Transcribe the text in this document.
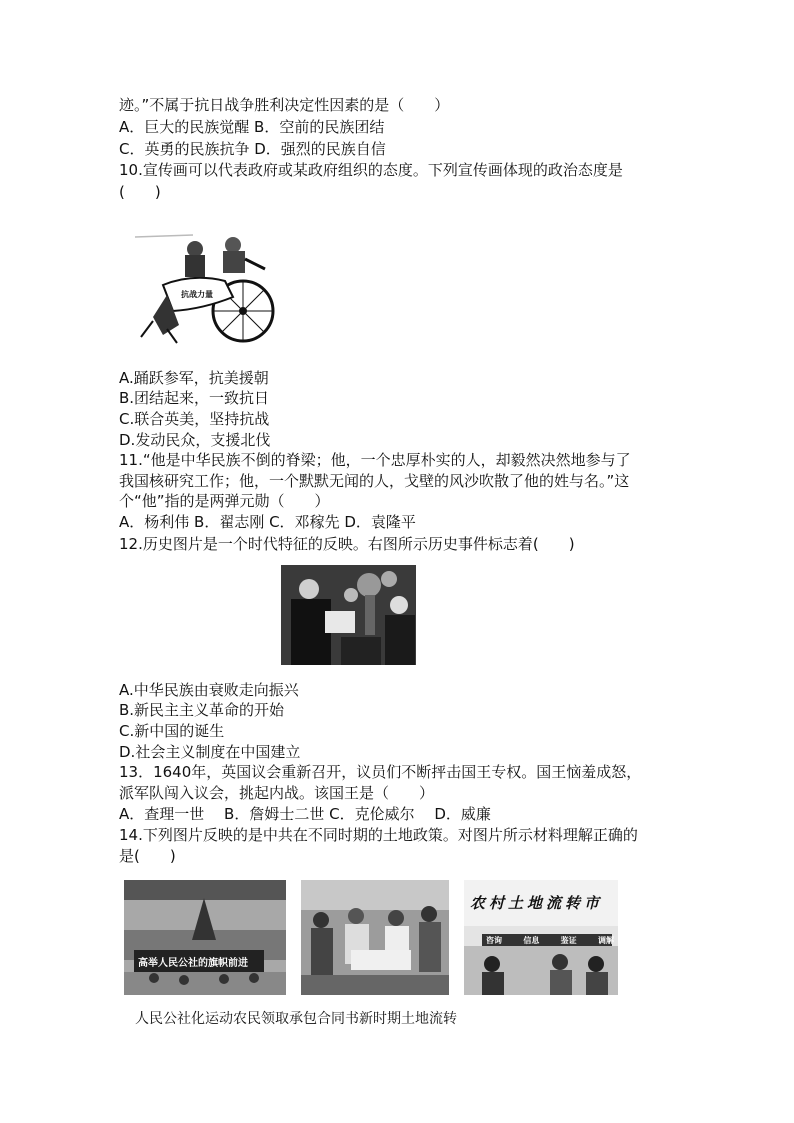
迹。”不属于抗日战争胜利决定性因素的是（　　）
A．巨大的民族觉醒 B．空前的民族团结
C．英勇的民族抗争 D．强烈的民族自信
10.宣传画可以代表政府或某政府组织的态度。下列宣传画体现的政治态度是
(　　)
抗战力量
A.踊跃参军，抗美援朝
B.团结起来，一致抗日
C.联合英美，坚持抗战
D.发动民众，支援北伐
11.“他是中华民族不倒的脊梁；他，一个忠厚朴实的人，却毅然决然地参与了
我国核研究工作；他，一个默默无闻的人，戈壁的风沙吹散了他的姓与名。”这
个“他”指的是两弹元勋（　　）
A．杨利伟 B．翟志刚 C．邓稼先 D．袁隆平
12.历史图片是一个时代特征的反映。右图所示历史事件标志着(　　)
A.中华民族由衰败走向振兴
B.新民主主义革命的开始
C.新中国的诞生
D.社会主义制度在中国建立
13．1640年，英国议会重新召开，议员们不断抨击国王专权。国王恼羞成怒，
派军队闯入议会，挑起内战。该国王是（　　）
A．查理一世　 B．詹姆士二世 C．克伦威尔　 D．威廉
14.下列图片反映的是中共在不同时期的土地政策。对图片所示材料理解正确的
是(　　)
高举人民公社的旗帜前进
农村土地流转市
咨询	信息	鉴证	调解
人民公社化运动农民领取承包合同书新时期土地流转
